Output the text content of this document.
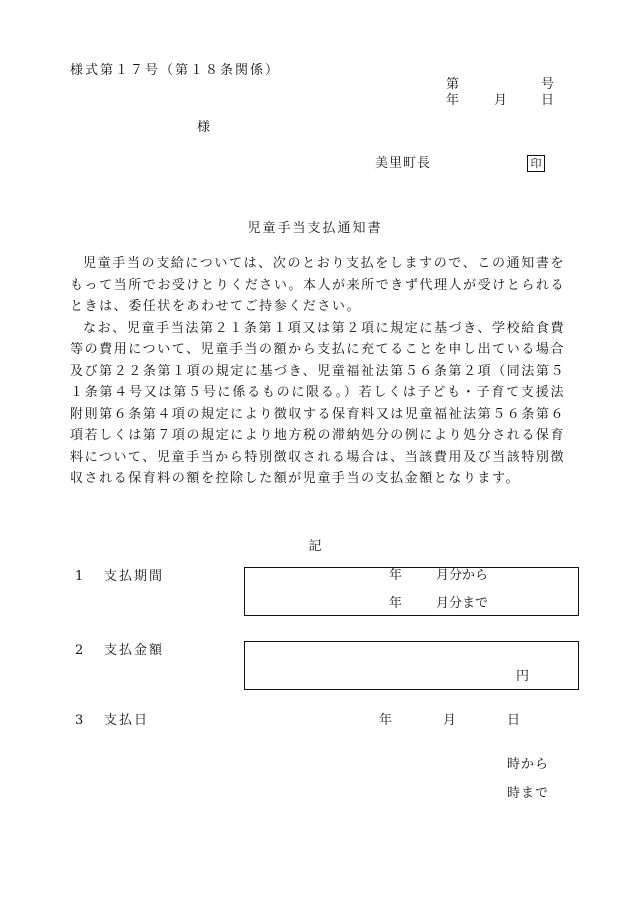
様式第１７号（第１８条関係）
第	号
年	月	日
様
美里町長	印
児童手当支払通知書

児童手当の支給については、次のとおり支払をしますので、この通知書をもって当所でお受けとりください。本人が来所できず代理人が受けとられるときは、委任状をあわせてご持参ください。

なお、児童手当法第２１条第１項又は第２項に規定に基づき、学校給食費等の費用について、児童手当の額から支払に充てることを申し出ている場合及び第２２条第１項の規定に基づき、児童福祉法第５６条第２項（同法第５１条第４号又は第５号に係るものに限る。）若しくは子ども・子育て支援法附則第６条第４項の規定により徴収する保育料又は児童福祉法第５６条第６項若しくは第７項の規定により地方税の滞納処分の例により処分される保育料について、児童手当から特別徴収される場合は、当該費用及び当該特別徴収される保育料の額を控除した額が児童手当の支払金額となります。

記
1 支払期間	年	月分から
年	月分まで
2 支払金額
円
3 支払日	年	月	日
時から
時まで
